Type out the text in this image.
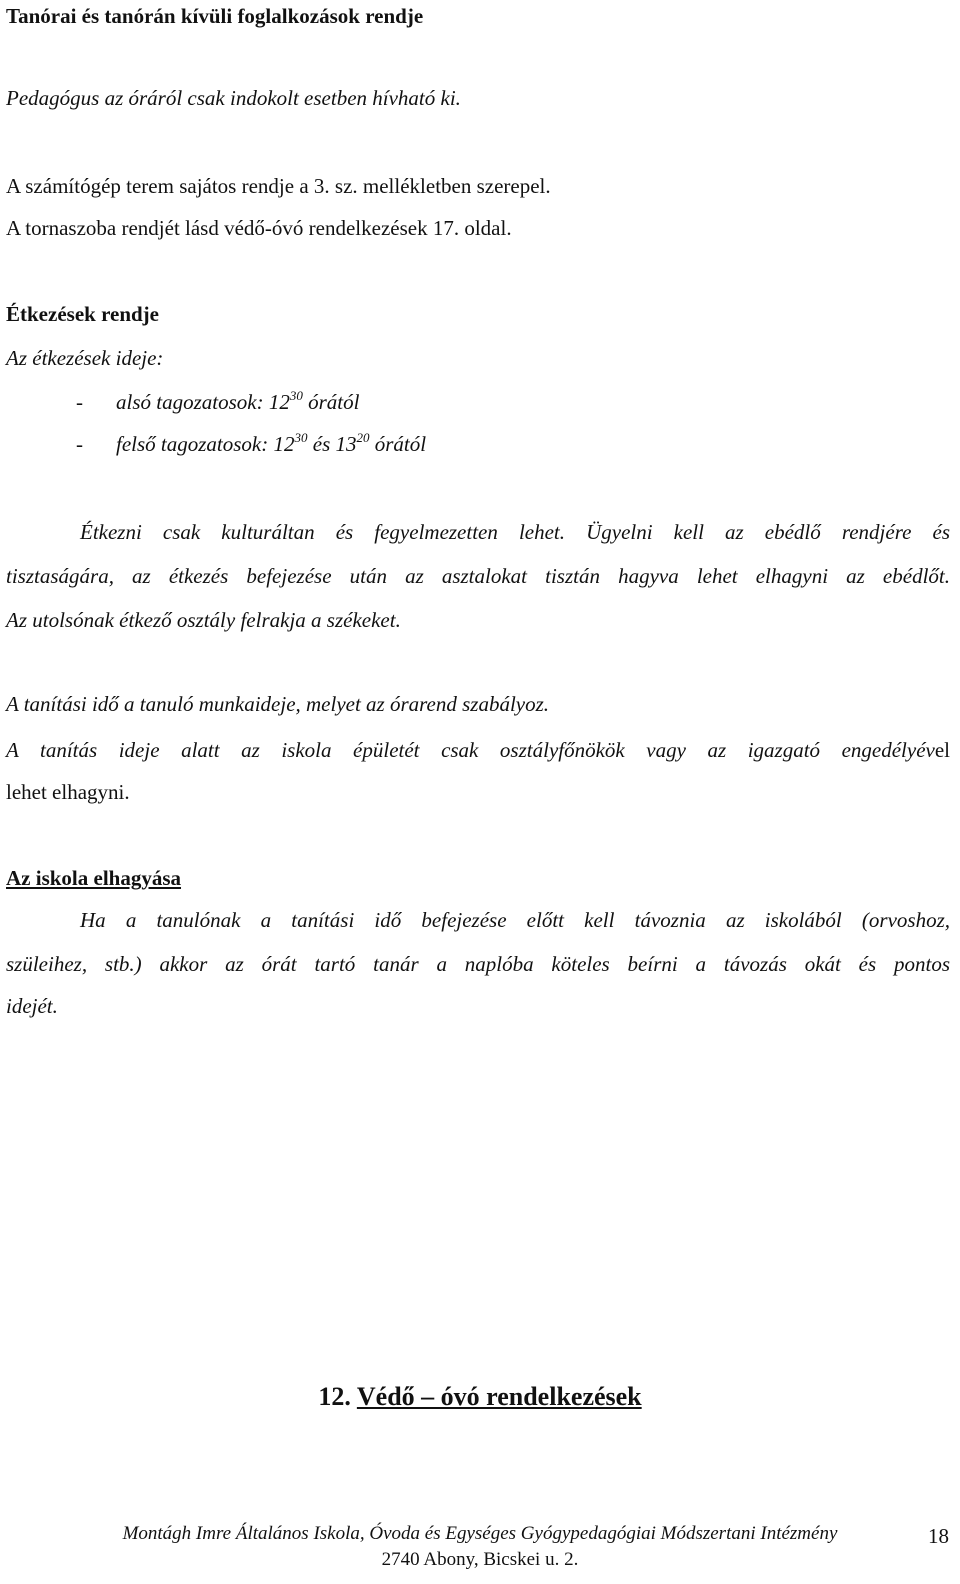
Tanórai és tanórán kívüli foglalkozások rendje
Pedagógus az óráról csak indokolt esetben hívható ki.
A számítógép terem sajátos rendje a 3. sz. mellékletben szerepel.
A tornaszoba rendjét lásd védő-óvó rendelkezések 17. oldal.
Étkezések rendje
Az étkezések ideje:
- alsó tagozatosok: $12^{30}$ órától
- felső tagozatosok: $12^{30}$ és $13^{20}$ órától
Étkezni csak kulturáltan és fegyelmezetten lehet. Ügyelni kell az ebédlő rendjére és
tisztaságára, az étkezés befejezése után az asztalokat tisztán hagyva lehet elhagyni az ebédlőt.
Az utolsónak étkező osztály felrakja a székeket.
A tanítási idő a tanuló munkaideje, melyet az órarend szabályoz.
A tanítás ideje alatt az iskola épületét csak osztályfőnökök vagy az igazgató engedélyével
lehet elhagyni.
Az iskola elhagyása
Ha a tanulónak a tanítási idő befejezése előtt kell távoznia az iskolából (orvoshoz,
szüleihez, stb.) akkor az órát tartó tanár a naplóba köteles beírni a távozás okát és pontos
idejét.
12. Védő – óvó rendelkezések
Montágh Imre Általános Iskola, Óvoda és Egységes Gyógypedagógiai Módszertani Intézmény
2740 Abony, Bicskei u. 2.
18
